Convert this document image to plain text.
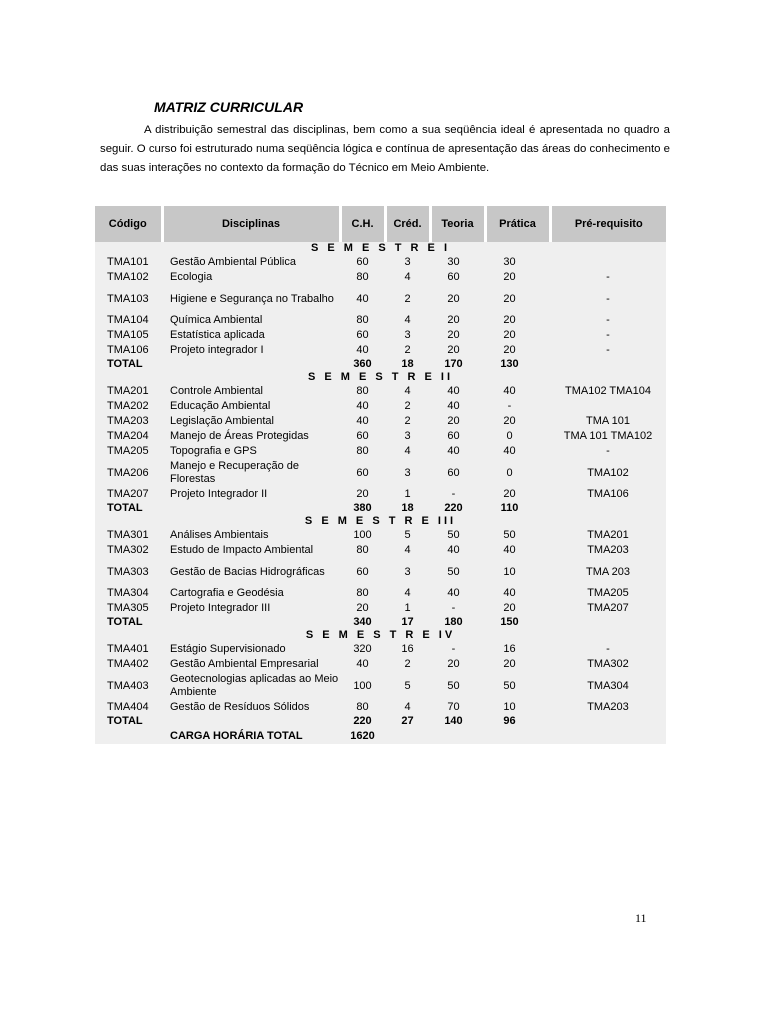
MATRIZ CURRICULAR

A distribuição semestral das disciplinas, bem como a sua seqüência ideal é apresentada no quadro a seguir. O curso foi estruturado numa seqüência lógica e contínua de apresentação das áreas do conhecimento e das suas interações no contexto da formação do Técnico em Meio Ambiente.

Código	Disciplinas	C.H.	Créd.	Teoria	Prática	Pré-requisito
S E M E S T R E I						
TMA101	Gestão Ambiental Pública	60	3	30	30	
TMA102	Ecologia	80	4	60	20	-
TMA103	Higiene e Segurança no Trabalho	40	2	20	20	-
TMA104	Química Ambiental	80	4	20	20	-
TMA105	Estatística aplicada	60	3	20	20	-
TMA106	Projeto integrador I	40	2	20	20	-
TOTAL		360	18	170	130	
S E M E S T R E II						
TMA201	Controle Ambiental	80	4	40	40	TMA102 TMA104
TMA202	Educação Ambiental	40	2	40	-	
TMA203	Legislação Ambiental	40	2	20	20	TMA 101
TMA204	Manejo de Áreas Protegidas	60	3	60	0	TMA 101 TMA102
TMA205	Topografia e GPS	80	4	40	40	-
TMA206	Manejo e Recuperação de Florestas	60	3	60	0	TMA102
TMA207	Projeto Integrador II	20	1	-	20	TMA106
TOTAL		380	18	220	110	
S E M E S T R E III						
TMA301	Análises Ambientais	100	5	50	50	TMA201
TMA302	Estudo de Impacto Ambiental	80	4	40	40	TMA203
TMA303	Gestão de Bacias Hidrográficas	60	3	50	10	TMA 203
TMA304	Cartografia e Geodésia	80	4	40	40	TMA205
TMA305	Projeto Integrador III	20	1	-	20	TMA207
TOTAL		340	17	180	150	
S E M E S T R E IV						
TMA401	Estágio Supervisionado	320	16	-	16	-
TMA402	Gestão Ambiental Empresarial	40	2	20	20	TMA302
TMA403	Geotecnologias aplicadas ao Meio Ambiente	100	5	50	50	TMA304
TMA404	Gestão de Resíduos Sólidos	80	4	70	10	TMA203
TOTAL		220	27	140	96	
	CARGA HORÁRIA TOTAL	1620				
11
